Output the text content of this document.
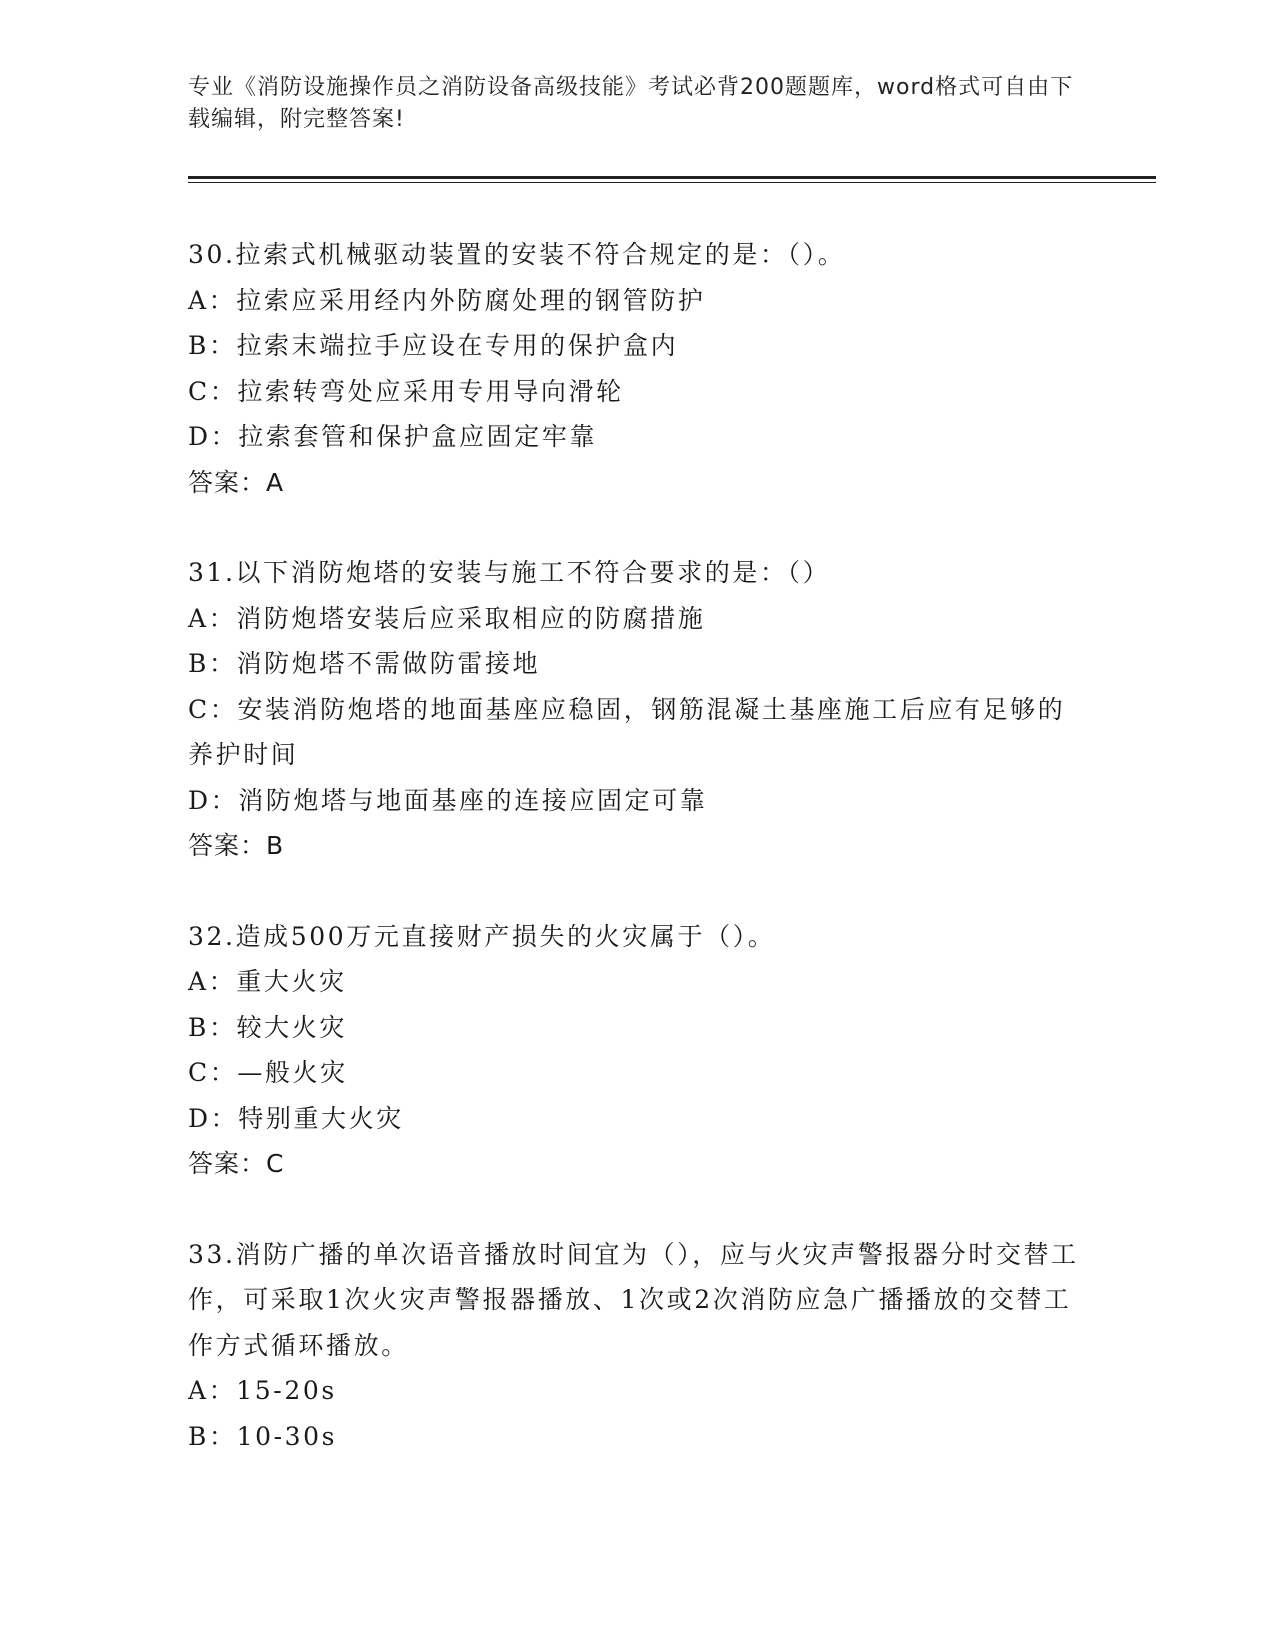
专业《消防设施操作员之消防设备高级技能》考试必背200题题库，word格式可自由下载编辑，附完整答案!

30.拉索式机械驱动装置的安装不符合规定的是：（）。

A：拉索应采用经内外防腐处理的钢管防护

B：拉索末端拉手应设在专用的保护盒内

C：拉索转弯处应采用专用导向滑轮

D：拉索套管和保护盒应固定牢靠

答案：A

31.以下消防炮塔的安装与施工不符合要求的是：（）

A：消防炮塔安装后应采取相应的防腐措施

B：消防炮塔不需做防雷接地

C：安装消防炮塔的地面基座应稳固，钢筋混凝土基座施工后应有足够的养护时间

D：消防炮塔与地面基座的连接应固定可靠

答案：B

32.造成500万元直接财产损失的火灾属于（）。

A：重大火灾

B：较大火灾

C：—般火灾

D：特别重大火灾

答案：C

33.消防广播的单次语音播放时间宜为（），应与火灾声警报器分时交替工作，可采取1次火灾声警报器播放、1次或2次消防应急广播播放的交替工作方式循环播放。

A：15-20s

B：10-30s
